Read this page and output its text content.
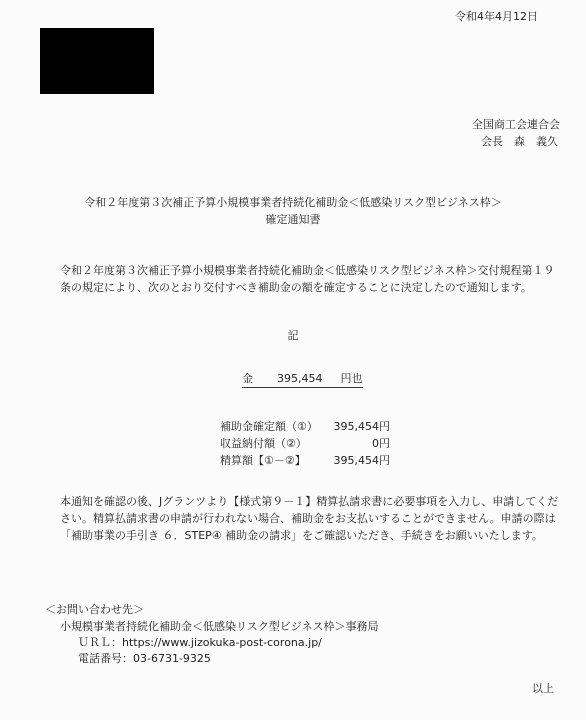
令和4年4月12日
全国商工会連合会
会長　森　義久
令和２年度第３次補正予算小規模事業者持続化補助金＜低感染リスク型ビジネス枠＞
確定通知書
令和２年度第３次補正予算小規模事業者持続化補助金＜低感染リスク型ビジネス枠＞交付規程第１９条の規定により、次のとおり交付すべき補助金の額を確定することに決定したので通知します。
記
金 395,454 円也
補助金確定額（①） 395,454円
収益納付額（②）	0円
精算額【①－②】	395,454円
本通知を確認の後、Jグランツより【様式第９－１】精算払請求書に必要事項を入力し、申請してください。精算払請求書の申請が行われない場合、補助金をお支払いすることができません。申請の際は「補助事業の手引き ６．STEP④ 補助金の請求」をご確認いただき、手続きをお願いいたします。
＜お問い合わせ先＞
小規模事業者持続化補助金＜低感染リスク型ビジネス枠＞事務局
ＵＲＬ：https://www.jizokuka-post-corona.jp/
電話番号：03-6731-9325
以上
